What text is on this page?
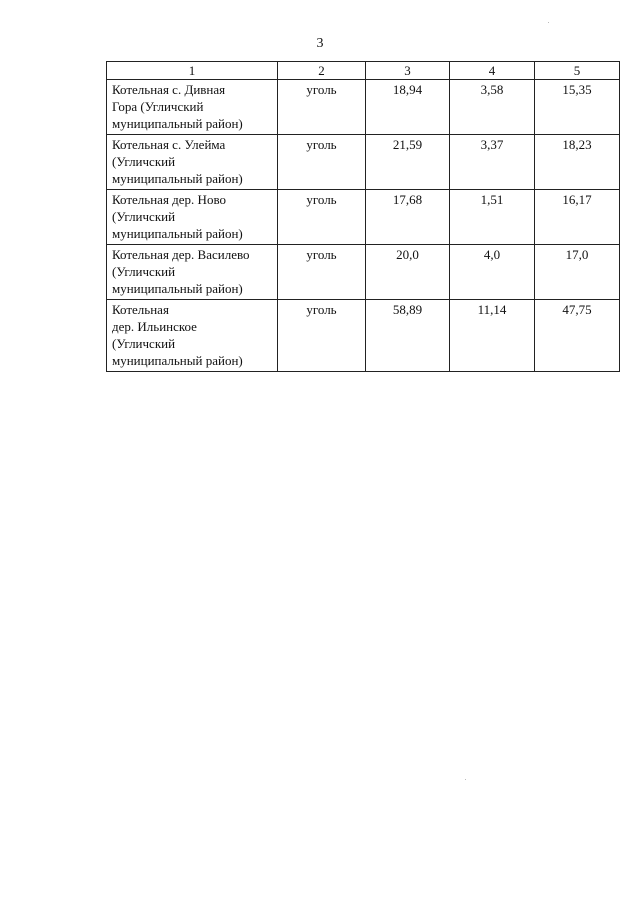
3
1	2	3	4	5

Котельная с. Дивная
Гора (Угличский
муниципальный район)	уголь	18,94	3,58	15,35

Котельная с. Улейма
(Угличский
муниципальный район)	уголь	21,59	3,37	18,23

Котельная дер. Ново
(Угличский
муниципальный район)	уголь	17,68	1,51	16,17

Котельная дер. Василево
(Угличский
муниципальный район)	уголь	20,0	4,0	17,0

Котельная
дер. Ильинское
(Угличский
муниципальный район)	уголь	58,89	11,14	47,75
